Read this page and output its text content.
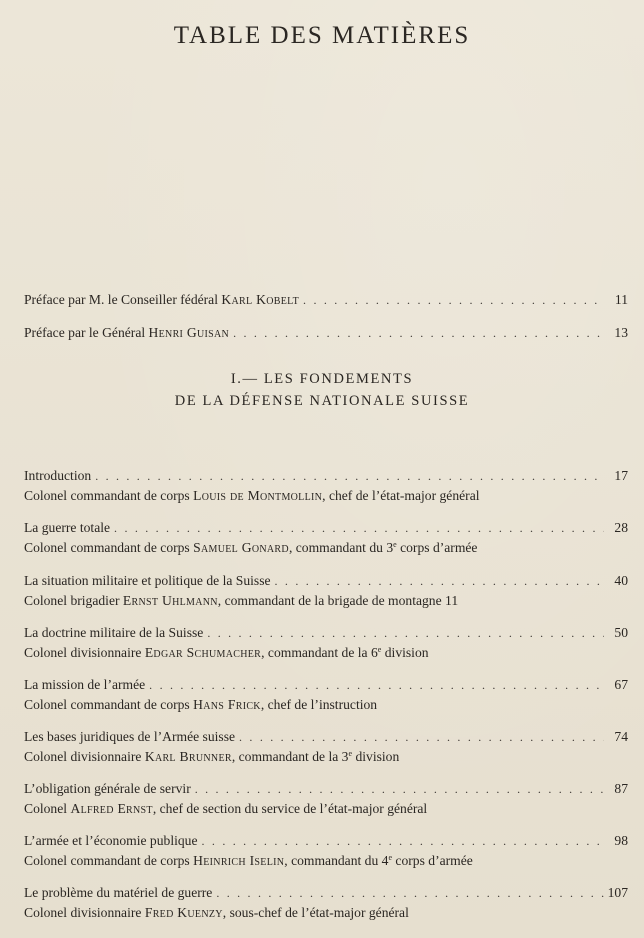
TABLE DES MATIÈRES
Préface par M. le Conseiller fédéral Karl Kobelt . . .	11
Préface par le Général Henri Guisan . . .	13
I.— LES FONDEMENTS
DE LA DÉFENSE NATIONALE SUISSE
Introduction . . .	17
Colonel commandant de corps Louis de Montmollin, chef de l’état-major général
La guerre totale . . .	28
Colonel commandant de corps Samuel Gonard, commandant du 3e corps d’armée
La situation militaire et politique de la Suisse . . .	40
Colonel brigadier Ernst Uhlmann, commandant de la brigade de montagne 11
La doctrine militaire de la Suisse . . .	50
Colonel divisionnaire Edgar Schumacher, commandant de la 6e division
La mission de l’armée . . .	67
Colonel commandant de corps Hans Frick, chef de l’instruction
Les bases juridiques de l’Armée suisse . . .	74
Colonel divisionnaire Karl Brunner, commandant de la 3e division
L’obligation générale de servir . . .	87
Colonel Alfred Ernst, chef de section du service de l’état-major général
L’armée et l’économie publique . . .	98
Colonel commandant de corps Heinrich Iselin, commandant du 4e corps d’armée
Le problème du matériel de guerre . . .	107
Colonel divisionnaire Fred Kuenzy, sous-chef de l’état-major général
